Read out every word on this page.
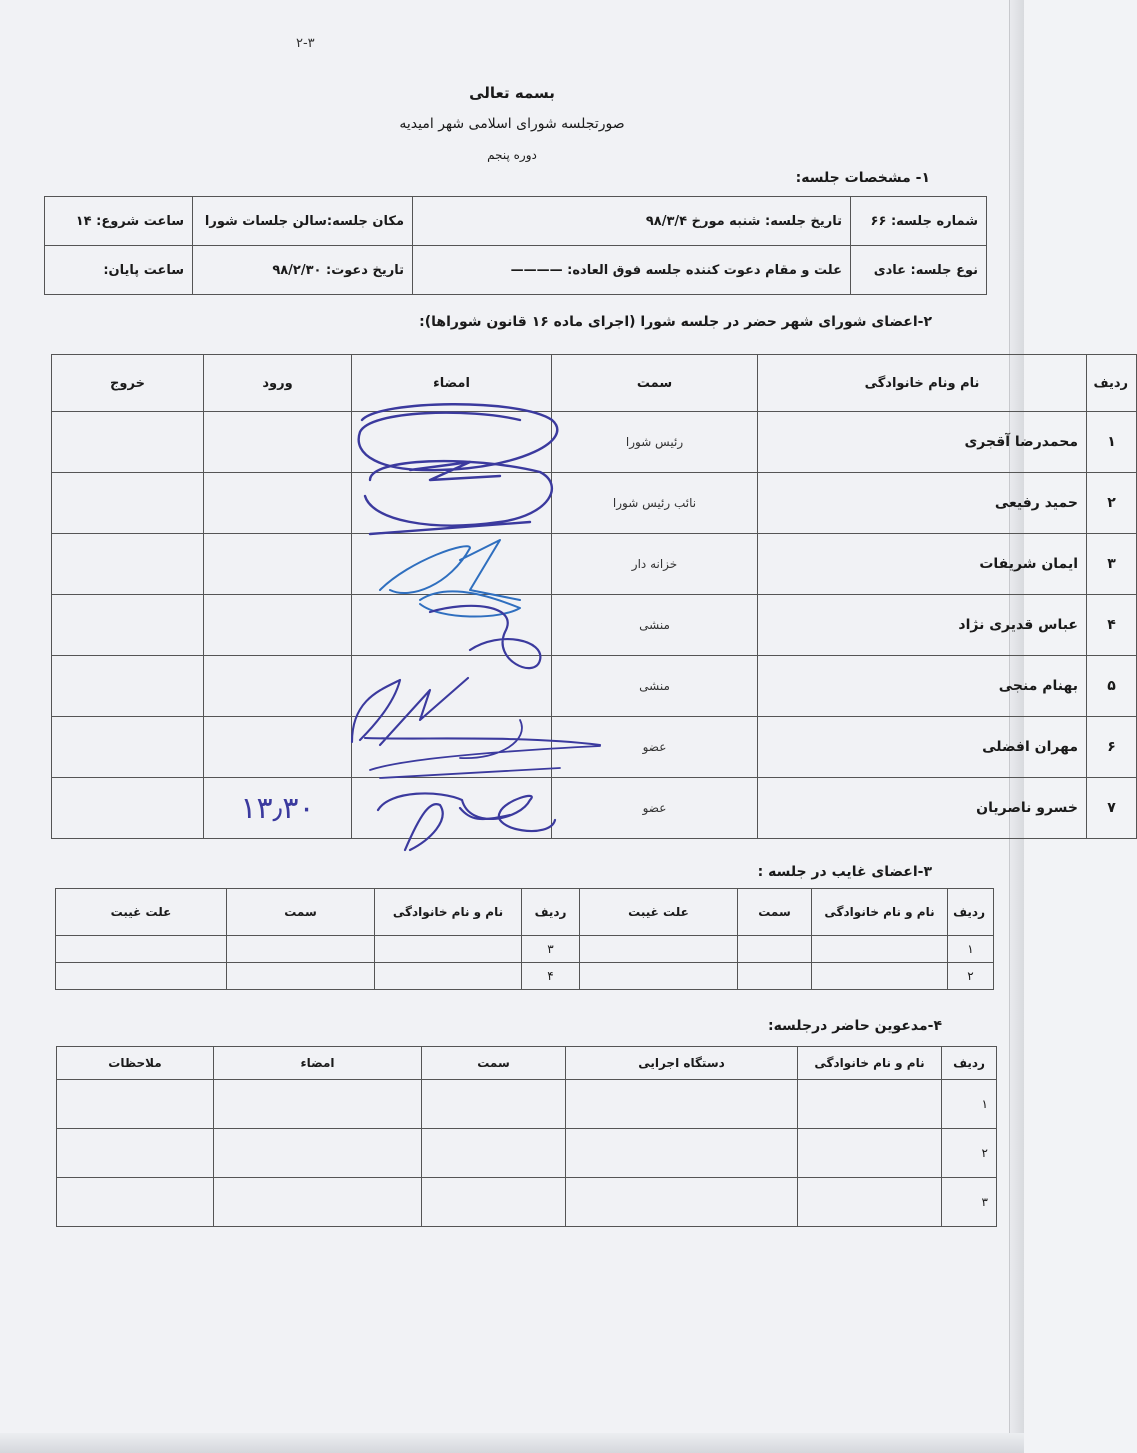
۲-۳
بسمه تعالی
صورتجلسه شورای اسلامی شهر امیدیه
دوره پنجم
۱- مشخصات جلسه:
شماره جلسه: ۶۶	تاریخ جلسه: شنبه مورخ ۹۸/۳/۴	مکان جلسه:سالن جلسات شورا	ساعت شروع: ۱۴
نوع جلسه: عادی	علت و مقام دعوت کننده جلسه فوق العاده: ————	تاریخ دعوت: ۹۸/۲/۳۰	ساعت پایان:
۲-اعضای شورای شهر حضر در جلسه شورا (اجرای ماده ۱۶ قانون شوراها):
ردیف	نام ونام خانوادگی	سمت	امضاء	ورود	خروج
۱	محمدرضا آقجری	رئیس شورا			
۲	حمید رفیعی	نائب رئیس شورا			
۳	ایمان شریفات	خزانه دار			
۴	عباس قدیری نژاد	منشی			
۵	بهنام منجی	منشی			
۶	مهران افضلی	عضو			
۷	خسرو ناصریان	عضو		۱۳٫۳۰	
۳-اعضای غایب در جلسه :
ردیف	نام و نام خانوادگی	سمت	علت غیبت	ردیف	نام و نام خانوادگی	سمت	علت غیبت
۱				۳			
۲				۴			
۴-مدعوین حاضر درجلسه:
ردیف	نام و نام خانوادگی	دستگاه اجرایی	سمت	امضاء	ملاحظات
۱					
۲					
۳					
